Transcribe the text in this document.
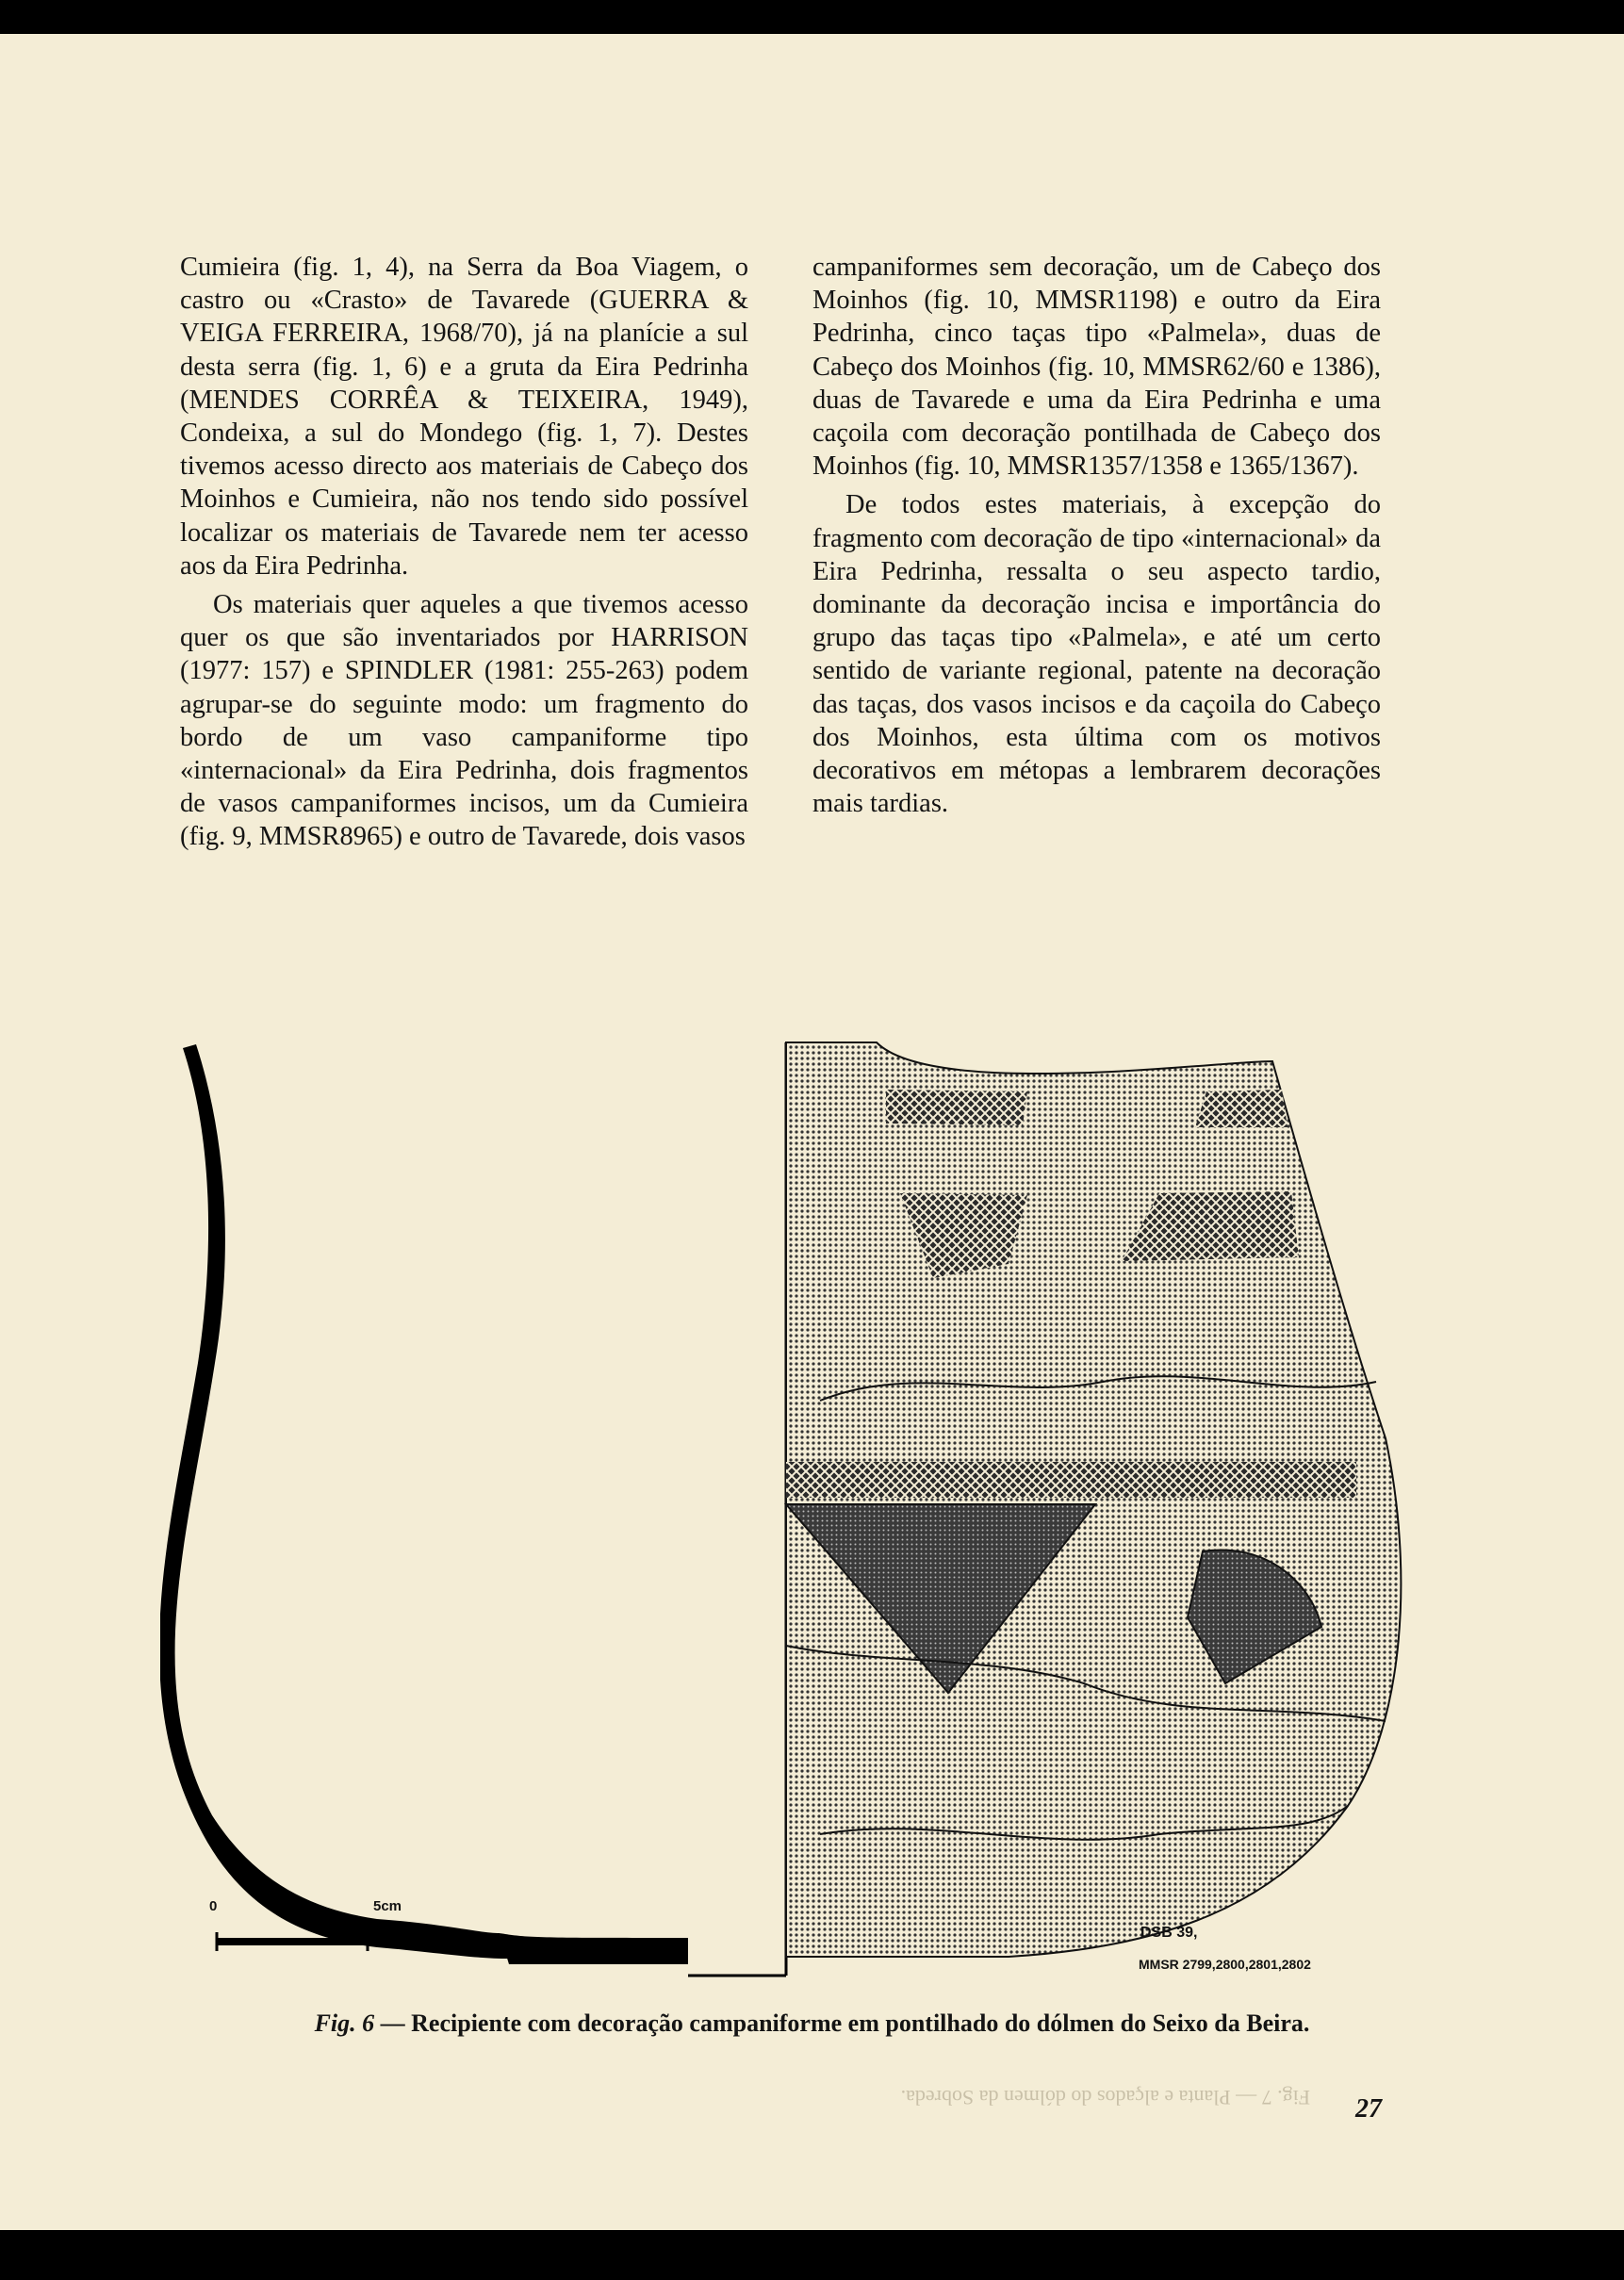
Cumieira (fig. 1, 4), na Serra da Boa Viagem, o castro ou «Crasto» de Tavarede (GUERRA & VEIGA FERREIRA, 1968/70), já na planície a sul desta serra (fig. 1, 6) e a gruta da Eira Pedrinha (MENDES CORRÊA & TEIXEIRA, 1949), Condeixa, a sul do Mondego (fig. 1, 7). Destes tivemos acesso directo aos materiais de Cabeço dos Moinhos e Cumieira, não nos tendo sido possível localizar os materiais de Tavarede nem ter acesso aos da Eira Pedrinha.

Os materiais quer aqueles a que tivemos acesso quer os que são inventariados por HARRISON (1977: 157) e SPINDLER (1981: 255-263) podem agrupar-se do seguinte modo: um fragmento do bordo de um vaso campaniforme tipo «internacional» da Eira Pedrinha, dois fragmentos de vasos campaniformes incisos, um da Cumieira (fig. 9, MMSR8965) e outro de Tavarede, dois vasos

campaniformes sem decoração, um de Cabeço dos Moinhos (fig. 10, MMSR1198) e outro da Eira Pedrinha, cinco taças tipo «Palmela», duas de Cabeço dos Moinhos (fig. 10, MMSR62/60 e 1386), duas de Tavarede e uma da Eira Pedrinha e uma caçoila com decoração pontilhada de Cabeço dos Moinhos (fig. 10, MMSR1357/1358 e 1365/1367).

De todos estes materiais, à excepção do fragmento com decoração de tipo «internacional» da Eira Pedrinha, ressalta o seu aspecto tardio, dominante da decoração incisa e importância do grupo das taças tipo «Palmela», e até um certo sentido de variante regional, patente na decoração das taças, dos vasos incisos e da caçoila do Cabeço dos Moinhos, esta última com os motivos decorativos em métopas a lembrarem decorações mais tardias.

0	5cm
DSB 39,
MMSR 2799,2800,2801,2802
Fig. 6 — Recipiente com decoração campaniforme em pontilhado do dólmen do Seixo da Beira.
Fig. 7 — Planta e alçados do dólmen da Sobreda. 27
